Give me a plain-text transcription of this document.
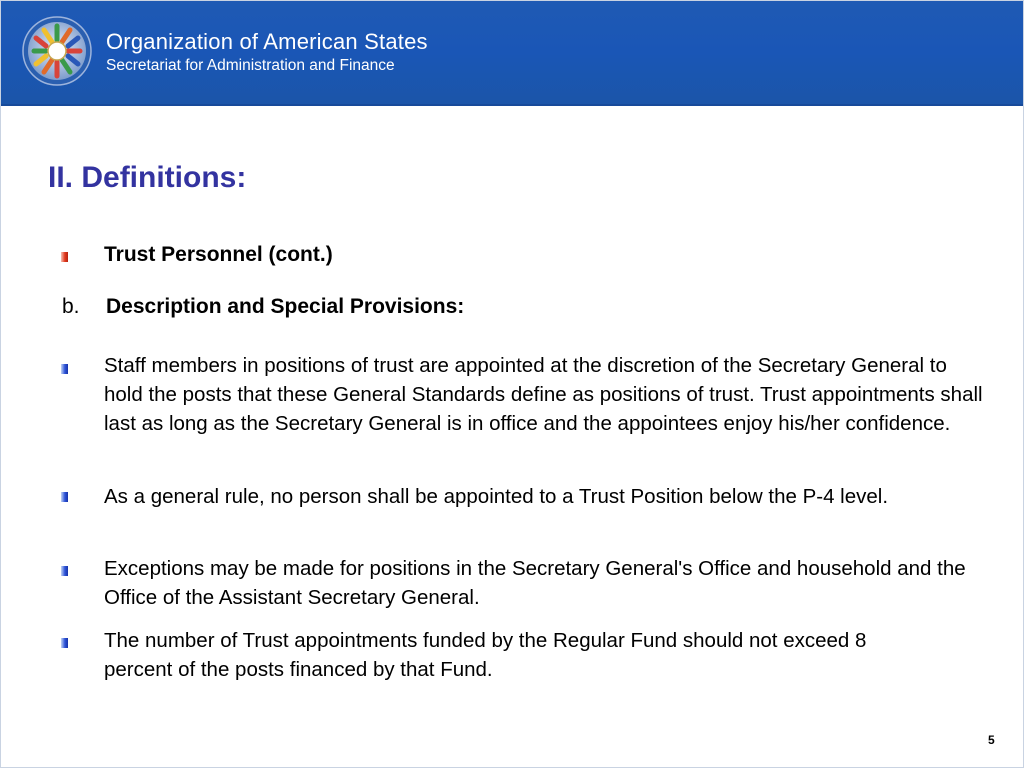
Organization of American States
Secretariat for Administration and Finance
II. Definitions:
Trust Personnel (cont.)
b. Description and Special Provisions:
Staff members in positions of trust are appointed at the discretion of the Secretary General to hold the posts that these General Standards define as positions of trust. Trust appointments shall last as long as the Secretary General is in office and the appointees enjoy his/her confidence.
As a general rule, no person shall be appointed to a Trust Position below the P-4 level.
Exceptions may be made for positions in the Secretary General's Office and household and the Office of the Assistant Secretary General.
The number of Trust appointments funded by the Regular Fund should not exceed 8 percent of the posts financed by that Fund.
5
